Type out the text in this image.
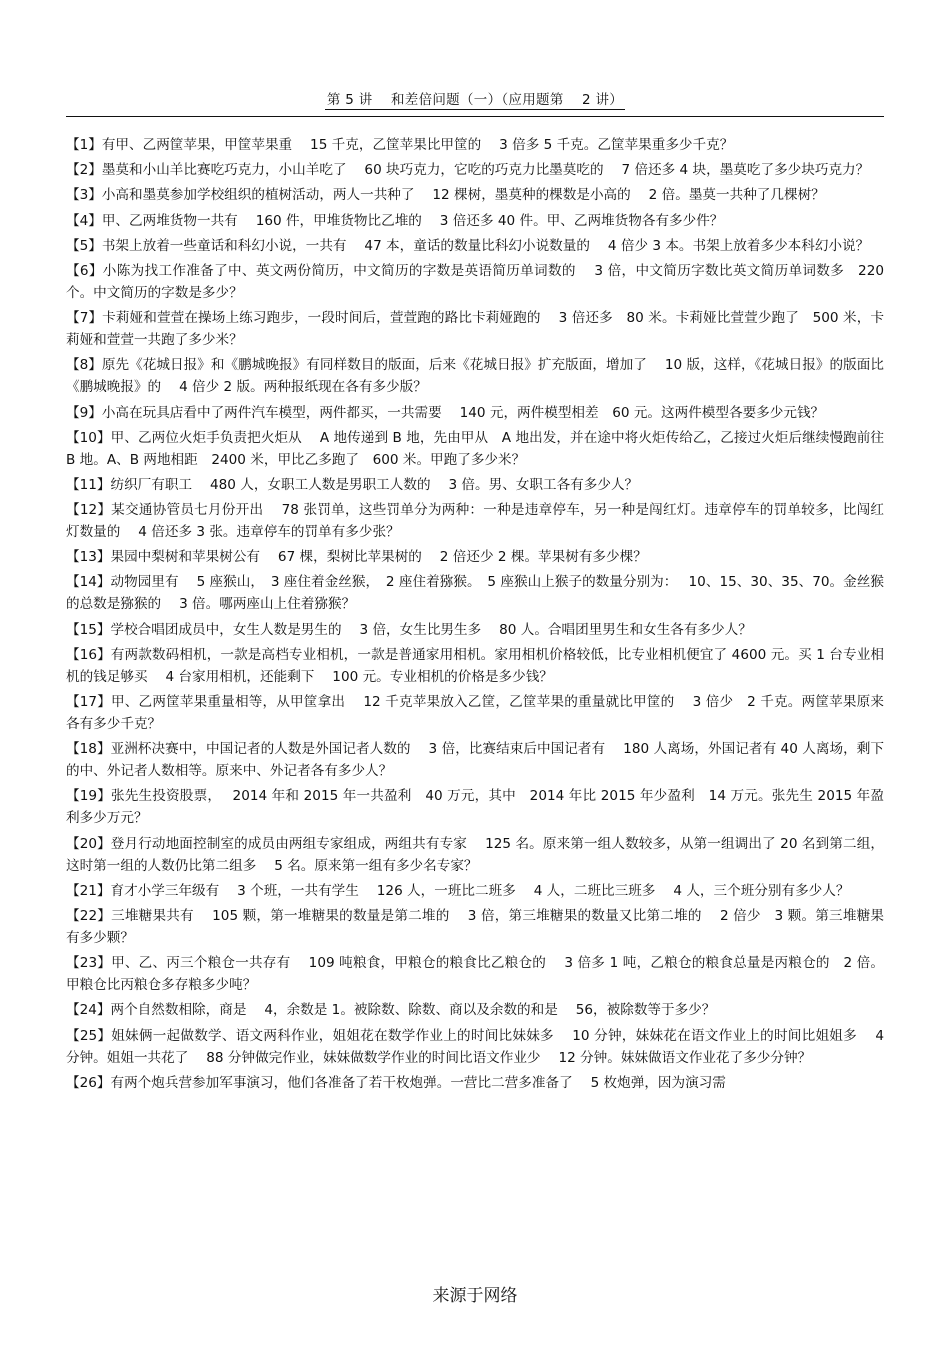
第 5 讲　 和差倍问题（一）（应用题第　 2 讲）

【1】有甲、乙两筐苹果，甲筐苹果重　 15 千克，乙筐苹果比甲筐的　 3 倍多 5 千克。乙筐苹果重多少千克？

【2】墨莫和小山羊比赛吃巧克力，小山羊吃了　 60 块巧克力，它吃的巧克力比墨莫吃的　 7 倍还多 4 块，墨莫吃了多少块巧克力？

【3】小高和墨莫参加学校组织的植树活动，两人一共种了　 12 棵树，墨莫种的棵数是小高的　 2 倍。墨莫一共种了几棵树？

【4】甲、乙两堆货物一共有　 160 件，甲堆货物比乙堆的　 3 倍还多 40 件。甲、乙两堆货物各有多少件？

【5】书架上放着一些童话和科幻小说，一共有　 47 本，童话的数量比科幻小说数量的　 4 倍少 3 本。书架上放着多少本科幻小说？

【6】小陈为找工作准备了中、英文两份简历，中文简历的字数是英语简历单词数的　 3 倍，中文简历字数比英文简历单词数多　220 个。中文简历的字数是多少？

【7】卡莉娅和萱萱在操场上练习跑步，一段时间后，萱萱跑的路比卡莉娅跑的　 3 倍还多　80 米。卡莉娅比萱萱少跑了　500 米，卡莉娅和萱萱一共跑了多少米？

【8】原先《花城日报》和《鹏城晚报》有同样数目的版面，后来《花城日报》扩充版面，增加了　 10 版，这样，《花城日报》的版面比《鹏城晚报》的　 4 倍少 2 版。两种报纸现在各有多少版？

【9】小高在玩具店看中了两件汽车模型，两件都买，一共需要　 140 元，两件模型相差　60 元。这两件模型各要多少元钱？

【10】甲、乙两位火炬手负责把火炬从　 A 地传递到 B 地，先由甲从　A 地出发，并在途中将火炬传给乙，乙接过火炬后继续慢跑前往　 B 地。A、B 两地相距　2400 米，甲比乙多跑了　600 米。甲跑了多少米？

【11】纺织厂有职工　 480 人，女职工人数是男职工人数的　 3 倍。男、女职工各有多少人？

【12】某交通协管员七月份开出　 78 张罚单，这些罚单分为两种：一种是违章停车，另一种是闯红灯。违章停车的罚单较多，比闯红灯数量的　 4 倍还多 3 张。违章停车的罚单有多少张？

【13】果园中梨树和苹果树公有　 67 棵，梨树比苹果树的　 2 倍还少 2 棵。苹果树有多少棵？

【14】动物园里有　 5 座猴山，　3 座住着金丝猴，　2 座住着猕猴。　5 座猴山上猴子的数量分别为：　 10、15、30、35、70。金丝猴的总数是猕猴的　 3 倍。哪两座山上住着猕猴？

【15】学校合唱团成员中，女生人数是男生的　 3 倍，女生比男生多　 80 人。合唱团里男生和女生各有多少人？

【16】有两款数码相机，一款是高档专业相机，一款是普通家用相机。家用相机价格较低，比专业相机便宜了 4600 元。买 1 台专业相机的钱足够买　 4 台家用相机，还能剩下　 100 元。专业相机的价格是多少钱？

【17】甲、乙两筐苹果重量相等，从甲筐拿出　 12 千克苹果放入乙筐，乙筐苹果的重量就比甲筐的　 3 倍少　2 千克。两筐苹果原来各有多少千克？

【18】亚洲杯决赛中，中国记者的人数是外国记者人数的　 3 倍，比赛结束后中国记者有　 180 人离场，外国记者有 40 人离场，剩下的中、外记者人数相等。原来中、外记者各有多少人？

【19】张先生投资股票，　 2014 年和 2015 年一共盈利　40 万元，其中　2014 年比 2015 年少盈利　14 万元。张先生 2015 年盈利多少万元？

【20】登月行动地面控制室的成员由两组专家组成，两组共有专家　 125 名。原来第一组人数较多，从第一组调出了 20 名到第二组，这时第一组的人数仍比第二组多　 5 名。原来第一组有多少名专家？

【21】育才小学三年级有　 3 个班，一共有学生　 126 人，一班比二班多　 4 人，二班比三班多　 4 人，三个班分别有多少人？

【22】三堆糖果共有　 105 颗，第一堆糖果的数量是第二堆的　 3 倍，第三堆糖果的数量又比第二堆的　 2 倍少　3 颗。第三堆糖果有多少颗？

【23】甲、乙、丙三个粮仓一共存有　 109 吨粮食，甲粮仓的粮食比乙粮仓的　 3 倍多 1 吨，乙粮仓的粮食总量是丙粮仓的　2 倍。甲粮仓比丙粮仓多存粮多少吨？

【24】两个自然数相除，商是　 4，余数是 1。被除数、除数、商以及余数的和是　 56，被除数等于多少？

【25】姐妹俩一起做数学、语文两科作业，姐姐花在数学作业上的时间比妹妹多　 10 分钟，妹妹花在语文作业上的时间比姐姐多　 4 分钟。姐姐一共花了　 88 分钟做完作业，妹妹做数学作业的时间比语文作业少　 12 分钟。妹妹做语文作业花了多少分钟？

【26】有两个炮兵营参加军事演习，他们各准备了若干枚炮弹。一营比二营多准备了　 5 枚炮弹，因为演习需

来源于网络
